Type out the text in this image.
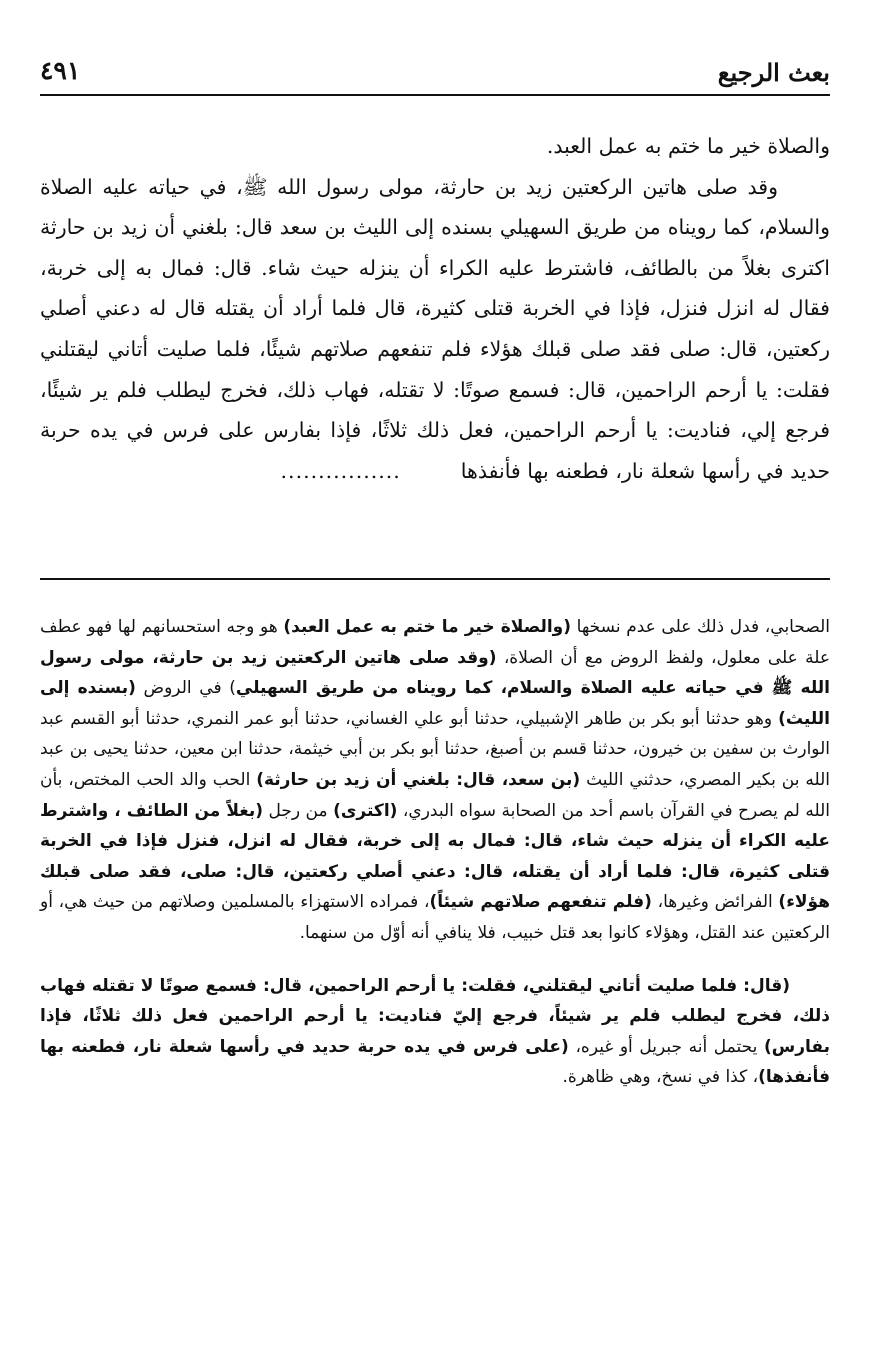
بعث الرجيع
٤٩١

والصلاة خير ما ختم به عمل العبد.

وقد صلى هاتين الركعتين زيد بن حارثة، مولى رسول الله ﷺ، في حياته عليه الصلاة والسلام، كما رويناه من طريق السهيلي بسنده إلى الليث بن سعد قال: بلغني أن زيد بن حارثة اكترى بغلاً من بالطائف، فاشترط عليه الكراء أن ينزله حيث شاء. قال: فمال به إلى خربة، فقال له انزل فنزل، فإذا في الخربة قتلى كثيرة، قال فلما أراد أن يقتله قال له دعني أصلي ركعتين، قال: صلى فقد صلى قبلك هؤلاء فلم تنفعهم صلاتهم شيئًا، فلما صليت أتاني ليقتلني فقلت: يا أرحم الراحمين، قال: فسمع صوتًا: لا تقتله، فهاب ذلك، فخرج ليطلب فلم ير شيئًا، فرجع إلي، فناديت: يا أرحم الراحمين، فعل ذلك ثلاثًا، فإذا بفارس على فرس في يده حربة حديد في رأسها شعلة نار، فطعنه بها فأنفذها................

الصحابي، فدل ذلك على عدم نسخها (والصلاة خير ما ختم به عمل العبد) هو وجه استحسانهم لها فهو عطف علة على معلول، ولفظ الروض مع أن الصلاة، (وقد صلى هاتين الركعتين زيد بن حارثة، مولى رسول الله ﷺ في حياته عليه الصلاة والسلام، كما رويناه من طريق السهيلي) في الروض (بسنده إلى الليث) وهو حدثنا أبو بكر بن طاهر الإشبيلي، حدثنا أبو علي الغساني، حدثنا أبو عمر النمري، حدثنا أبو القسم عبد الوارث بن سفين بن خيرون، حدثنا قسم بن أصبغ، حدثنا أبو بكر بن أبي خيثمة، حدثنا ابن معين، حدثنا يحيى بن عبد الله بن بكير المصري، حدثني الليث (بن سعد، قال: بلغني أن زيد بن حارثة) الحب والد الحب المختص، بأن الله لم يصرح في القرآن باسم أحد من الصحابة سواه البدري، (اكترى) من رجل (بغلاً من الطائف ، واشترط عليه الكراء أن ينزله حيث شاء، قال: فمال به إلى خربة، فقال له انزل، فنزل فإذا في الخربة قتلى كثيرة، قال: فلما أراد أن يقتله، قال: دعني أصلي ركعتين، قال: صلى، فقد صلى قبلك هؤلاء) الفرائض وغيرها، (فلم تنفعهم صلاتهم شيئاً)، فمراده الاستهزاء بالمسلمين وصلاتهم من حيث هي، أو الركعتين عند القتل، وهؤلاء كانوا بعد قتل خبيب، فلا ينافي أنه أوّل من سنهما.

(قال: فلما صليت أتاني ليقتلني، فقلت: يا أرحم الراحمين، قال: فسمع صوتًا لا تقتله فهاب ذلك، فخرج ليطلب فلم ير شيئاً، فرجع إليّ فناديت: يا أرحم الراحمين فعل ذلك ثلاثًا، فإذا بفارس) يحتمل أنه جبريل أو غيره، (على فرس في يده حربة حديد في رأسها شعلة نار، فطعنه بها فأنفذها)، كذا في نسخ، وهي ظاهرة.
